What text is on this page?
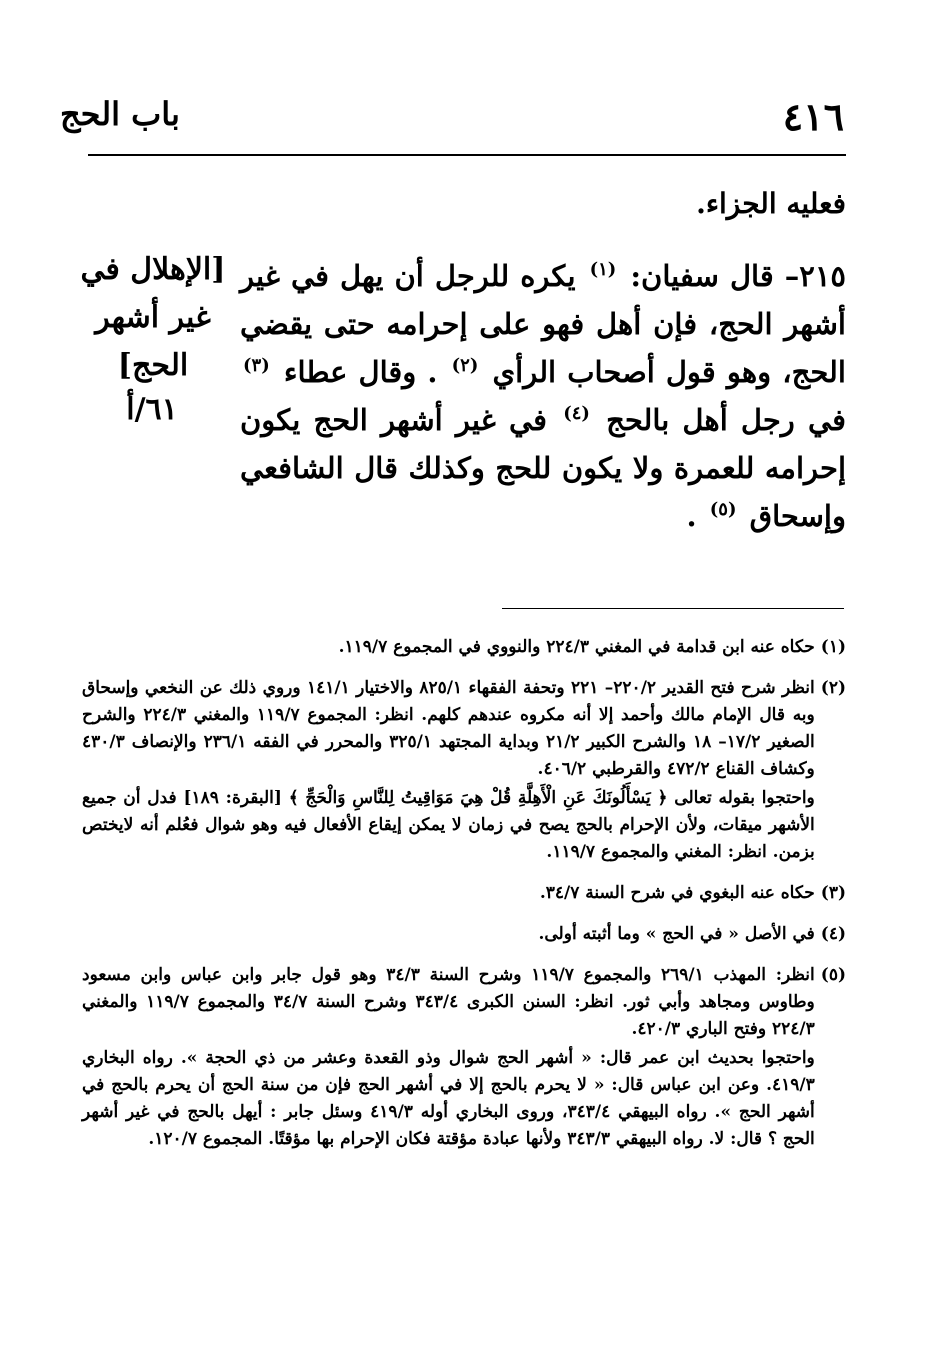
٤١٦
باب الحج
فعليه الجزاء.
٢١٥– قال سفيان: $^{(١)}$ يكره للرجل أن يهل في غير أشهر الحج، فإن أهل فهو على إحرامه حتى يقضي الحج، وهو قول أصحاب الرأي $^{(٢)}$ . وقال عطاء $^{(٣)}$ في رجل أهل بالحج $^{(٤)}$ في غير أشهر الحج يكون إحرامه للعمرة ولا يكون للحج وكذلك قال الشافعي وإسحاق $^{(٥)}$ .
[الإهلال في
غير أشهر
الحج]
٦١/أ
(١)

حكاه عنه ابن قدامة في المغني ٢٢٤/٣ والنووي في المجموع ١١٩/٧.

(٢)

انظر شرح فتح القدير ٢٢٠/٢– ٢٢١ وتحفة الفقهاء ٨٢٥/١ والاختيار ١٤١/١ وروي ذلك عن النخعي وإسحاق وبه قال الإمام مالك وأحمد إلا أنه مكروه عندهم كلهم. انظر: المجموع ١١٩/٧ والمغني ٢٢٤/٣ والشرح الصغير ١٧/٢– ١٨ والشرح الكبير ٢١/٢ وبداية المجتهد ٣٢٥/١ والمحرر في الفقه ٢٣٦/١ والإنصاف ٤٣٠/٣ وكشاف القناع ٤٧٢/٢ والقرطبي ٤٠٦/٢.

واحتجوا بقوله تعالى ﴿ يَسْأَلُونَكَ عَنِ الْأَهِلَّةِ قُلْ هِيَ مَوَاقِيتُ لِلنَّاسِ وَالْحَجِّ ﴾ [البقرة: ١٨٩] فدل أن جميع الأشهر ميقات، ولأن الإحرام بالحج يصح في زمان لا يمكن إيقاع الأفعال فيه وهو شوال فعُلم أنه لايختص بزمن. انظر: المغني والمجموع ١١٩/٧.

(٣)

حكاه عنه البغوي في شرح السنة ٣٤/٧.

(٤)

في الأصل « في الحج » وما أثبته أولى.

(٥)

انظر: المهذب ٢٦٩/١ والمجموع ١١٩/٧ وشرح السنة ٣٤/٣ وهو قول جابر وابن عباس وابن مسعود وطاوس ومجاهد وأبي ثور. انظر: السنن الكبرى ٣٤٣/٤ وشرح السنة ٣٤/٧ والمجموع ١١٩/٧ والمغني ٢٢٤/٣ وفتح الباري ٤٢٠/٣.

واحتجوا بحديث ابن عمر قال: « أشهر الحج شوال وذو القعدة وعشر من ذي الحجة ». رواه البخاري ٤١٩/٣. وعن ابن عباس قال: « لا يحرم بالحج إلا في أشهر الحج فإن من سنة الحج أن يحرم بالحج في أشهر الحج ». رواه البيهقي ٣٤٣/٤، وروى البخاري أوله ٤١٩/٣ وسئل جابر : أيهل بالحج في غير أشهر الحج ؟ قال: لا. رواه البيهقي ٣٤٣/٣ ولأنها عبادة مؤقتة فكان الإحرام بها مؤقتًا. المجموع ١٢٠/٧.
